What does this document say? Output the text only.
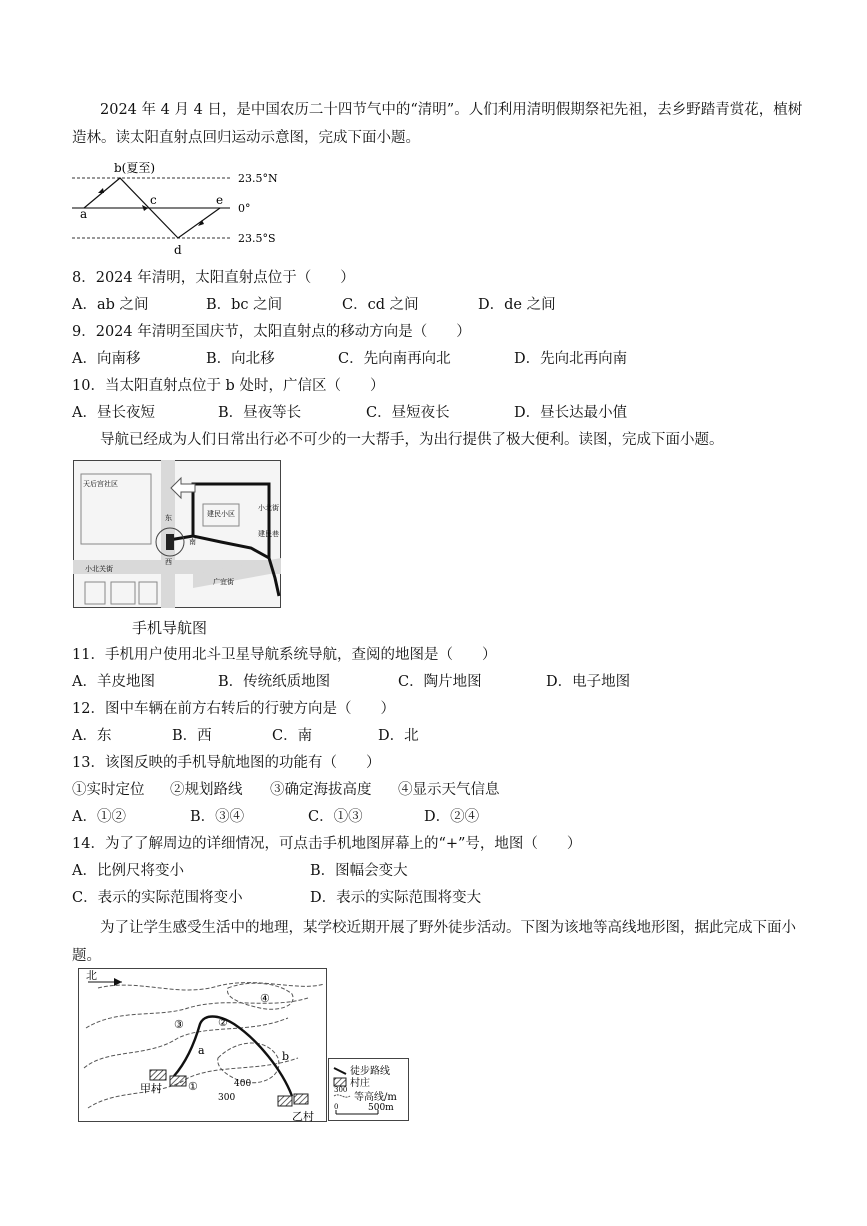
2024 年 4 月 4 日，是中国农历二十四节气中的“清明”。人们利用清明假期祭祀先祖，去乡野踏青赏花，植树造林。读太阳直射点回归运动示意图，完成下面小题。
b(夏至)
a
c
d
e
23.5°N
0°
23.5°S
8．2024 年清明，太阳直射点位于（　　）
A．ab 之间	B．bc 之间	C．cd 之间	D．de 之间
9．2024 年清明至国庆节，太阳直射点的移动方向是（　　）
A．向南移	B．向北移	C．先向南再向北	D．先向北再向南
10．当太阳直射点位于 b 处时，广信区（　　）
A．昼长夜短	B．昼夜等长	C．昼短夜长	D．昼长达最小值
导航已经成为人们日常出行必不可少的一大帮手，为出行提供了极大便利。读图，完成下面小题。
天后宫社区
建民小区
小北街
建民巷
小北关街
广宜街
东
南
西
手机导航图
11．手机用户使用北斗卫星导航系统导航，查阅的地图是（　　）
A．羊皮地图	B．传统纸质地图	C．陶片地图	D．电子地图
12．图中车辆在前方右转后的行驶方向是（　　）
A．东	B．西	C．南	D．北
13．该图反映的手机导航地图的功能有（　　）
①实时定位 ②规划路线 ③确定海拔高度 ④显示天气信息
A．①②	B．③④	C．①③	D．②④
14．为了了解周边的详细情况，可点击手机地图屏幕上的“+”号，地图（　　）
A．比例尺将变小	B．图幅会变大
C．表示的实际范围将变小	D．表示的实际范围将变大
为了让学生感受生活中的地理，某学校近期开展了野外徒步活动。下图为该地等高线地形图，据此完成下面小题。
北
①
②
③
④
a	b
400
300
甲村
乙村
徒步路线
村庄
300
等高线/m
0	500m
